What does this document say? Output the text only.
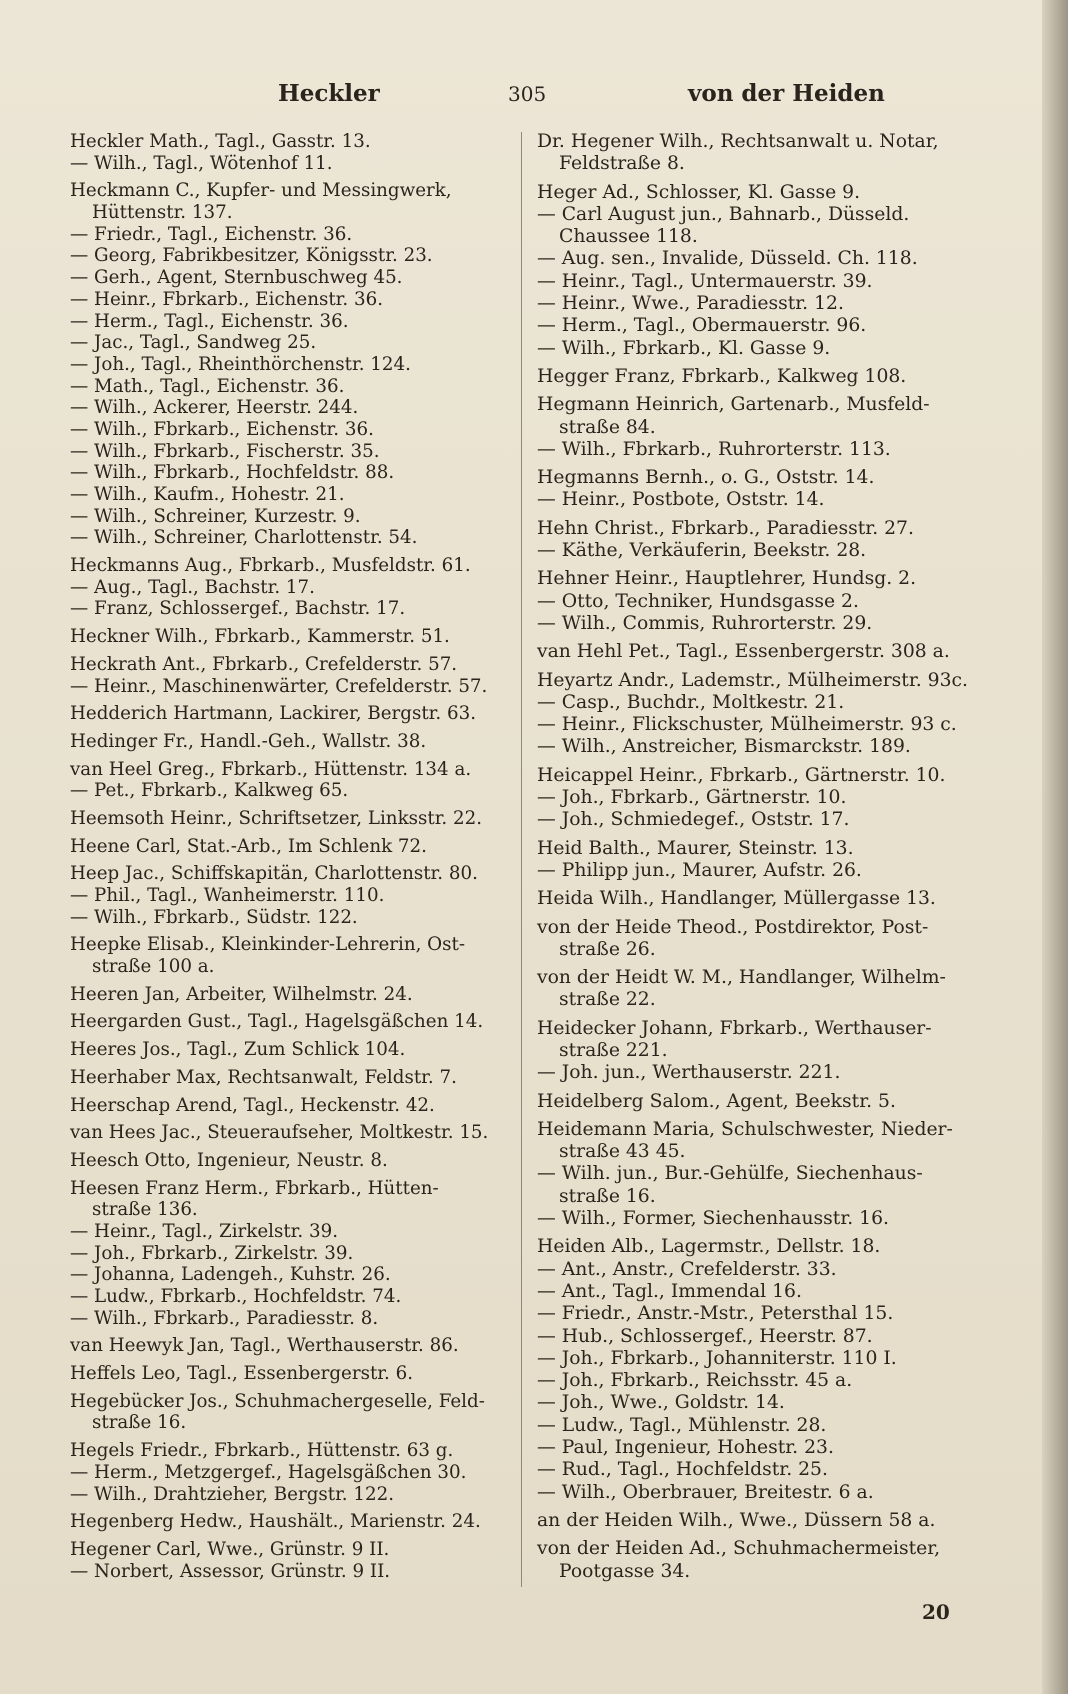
Heckler	305	von der Heiden
Heckler Math., Tagl., Gasstr. 13.
— Wilh., Tagl., Wötenhof 11.
Heckmann C., Kupfer- und Messingwerk,
Hüttenstr. 137.
— Friedr., Tagl., Eichenstr. 36.
— Georg, Fabrikbesitzer, Königsstr. 23.
— Gerh., Agent, Sternbuschweg 45.
— Heinr., Fbrkarb., Eichenstr. 36.
— Herm., Tagl., Eichenstr. 36.
— Jac., Tagl., Sandweg 25.
— Joh., Tagl., Rheinthörchenstr. 124.
— Math., Tagl., Eichenstr. 36.
— Wilh., Ackerer, Heerstr. 244.
— Wilh., Fbrkarb., Eichenstr. 36.
— Wilh., Fbrkarb., Fischerstr. 35.
— Wilh., Fbrkarb., Hochfeldstr. 88.
— Wilh., Kaufm., Hohestr. 21.
— Wilh., Schreiner, Kurzestr. 9.
— Wilh., Schreiner, Charlottenstr. 54.
Heckmanns Aug., Fbrkarb., Musfeldstr. 61.
— Aug., Tagl., Bachstr. 17.
— Franz, Schlossergef., Bachstr. 17.
Heckner Wilh., Fbrkarb., Kammerstr. 51.
Heckrath Ant., Fbrkarb., Crefelderstr. 57.
— Heinr., Maschinenwärter, Crefelderstr. 57.
Hedderich Hartmann, Lackirer, Bergstr. 63.
Hedinger Fr., Handl.-Geh., Wallstr. 38.
van Heel Greg., Fbrkarb., Hüttenstr. 134 a.
— Pet., Fbrkarb., Kalkweg 65.
Heemsoth Heinr., Schriftsetzer, Linksstr. 22.
Heene Carl, Stat.-Arb., Im Schlenk 72.
Heep Jac., Schiffskapitän, Charlottenstr. 80.
— Phil., Tagl., Wanheimerstr. 110.
— Wilh., Fbrkarb., Südstr. 122.
Heepke Elisab., Kleinkinder-Lehrerin, Ost-
straße 100 a.
Heeren Jan, Arbeiter, Wilhelmstr. 24.
Heergarden Gust., Tagl., Hagelsgäßchen 14.
Heeres Jos., Tagl., Zum Schlick 104.
Heerhaber Max, Rechtsanwalt, Feldstr. 7.
Heerschap Arend, Tagl., Heckenstr. 42.
van Hees Jac., Steueraufseher, Moltkestr. 15.
Heesch Otto, Ingenieur, Neustr. 8.
Heesen Franz Herm., Fbrkarb., Hütten-
straße 136.
— Heinr., Tagl., Zirkelstr. 39.
— Joh., Fbrkarb., Zirkelstr. 39.
— Johanna, Ladengeh., Kuhstr. 26.
— Ludw., Fbrkarb., Hochfeldstr. 74.
— Wilh., Fbrkarb., Paradiesstr. 8.
van Heewyk Jan, Tagl., Werthauserstr. 86.
Heffels Leo, Tagl., Essenbergerstr. 6.
Hegebücker Jos., Schuhmachergeselle, Feld-
straße 16.
Hegels Friedr., Fbrkarb., Hüttenstr. 63 g.
— Herm., Metzgergef., Hagelsgäßchen 30.
— Wilh., Drahtzieher, Bergstr. 122.
Hegenberg Hedw., Haushält., Marienstr. 24.
Hegener Carl, Wwe., Grünstr. 9 II.
— Norbert, Assessor, Grünstr. 9 II.
Dr. Hegener Wilh., Rechtsanwalt u. Notar,
Feldstraße 8.
Heger Ad., Schlosser, Kl. Gasse 9.
— Carl August jun., Bahnarb., Düsseld.
Chaussee 118.
— Aug. sen., Invalide, Düsseld. Ch. 118.
— Heinr., Tagl., Untermauerstr. 39.
— Heinr., Wwe., Paradiesstr. 12.
— Herm., Tagl., Obermauerstr. 96.
— Wilh., Fbrkarb., Kl. Gasse 9.
Hegger Franz, Fbrkarb., Kalkweg 108.
Hegmann Heinrich, Gartenarb., Musfeld-
straße 84.
— Wilh., Fbrkarb., Ruhrorterstr. 113.
Hegmanns Bernh., o. G., Oststr. 14.
— Heinr., Postbote, Oststr. 14.
Hehn Christ., Fbrkarb., Paradiesstr. 27.
— Käthe, Verkäuferin, Beekstr. 28.
Hehner Heinr., Hauptlehrer, Hundsg. 2.
— Otto, Techniker, Hundsgasse 2.
— Wilh., Commis, Ruhrorterstr. 29.
van Hehl Pet., Tagl., Essenbergerstr. 308 a.
Heyartz Andr., Lademstr., Mülheimerstr. 93c.
— Casp., Buchdr., Moltkestr. 21.
— Heinr., Flickschuster, Mülheimerstr. 93 c.
— Wilh., Anstreicher, Bismarckstr. 189.
Heicappel Heinr., Fbrkarb., Gärtnerstr. 10.
— Joh., Fbrkarb., Gärtnerstr. 10.
— Joh., Schmiedegef., Oststr. 17.
Heid Balth., Maurer, Steinstr. 13.
— Philipp jun., Maurer, Aufstr. 26.
Heida Wilh., Handlanger, Müllergasse 13.
von der Heide Theod., Postdirektor, Post-
straße 26.
von der Heidt W. M., Handlanger, Wilhelm-
straße 22.
Heidecker Johann, Fbrkarb., Werthauser-
straße 221.
— Joh. jun., Werthauserstr. 221.
Heidelberg Salom., Agent, Beekstr. 5.
Heidemann Maria, Schulschwester, Nieder-
straße 43 45.
— Wilh. jun., Bur.-Gehülfe, Siechenhaus-
straße 16.
— Wilh., Former, Siechenhausstr. 16.
Heiden Alb., Lagermstr., Dellstr. 18.
— Ant., Anstr., Crefelderstr. 33.
— Ant., Tagl., Immendal 16.
— Friedr., Anstr.-Mstr., Petersthal 15.
— Hub., Schlossergef., Heerstr. 87.
— Joh., Fbrkarb., Johanniterstr. 110 I.
— Joh., Fbrkarb., Reichsstr. 45 a.
— Joh., Wwe., Goldstr. 14.
— Ludw., Tagl., Mühlenstr. 28.
— Paul, Ingenieur, Hohestr. 23.
— Rud., Tagl., Hochfeldstr. 25.
— Wilh., Oberbrauer, Breitestr. 6 a.
an der Heiden Wilh., Wwe., Düssern 58 a.
von der Heiden Ad., Schuhmachermeister,
Pootgasse 34.
20
